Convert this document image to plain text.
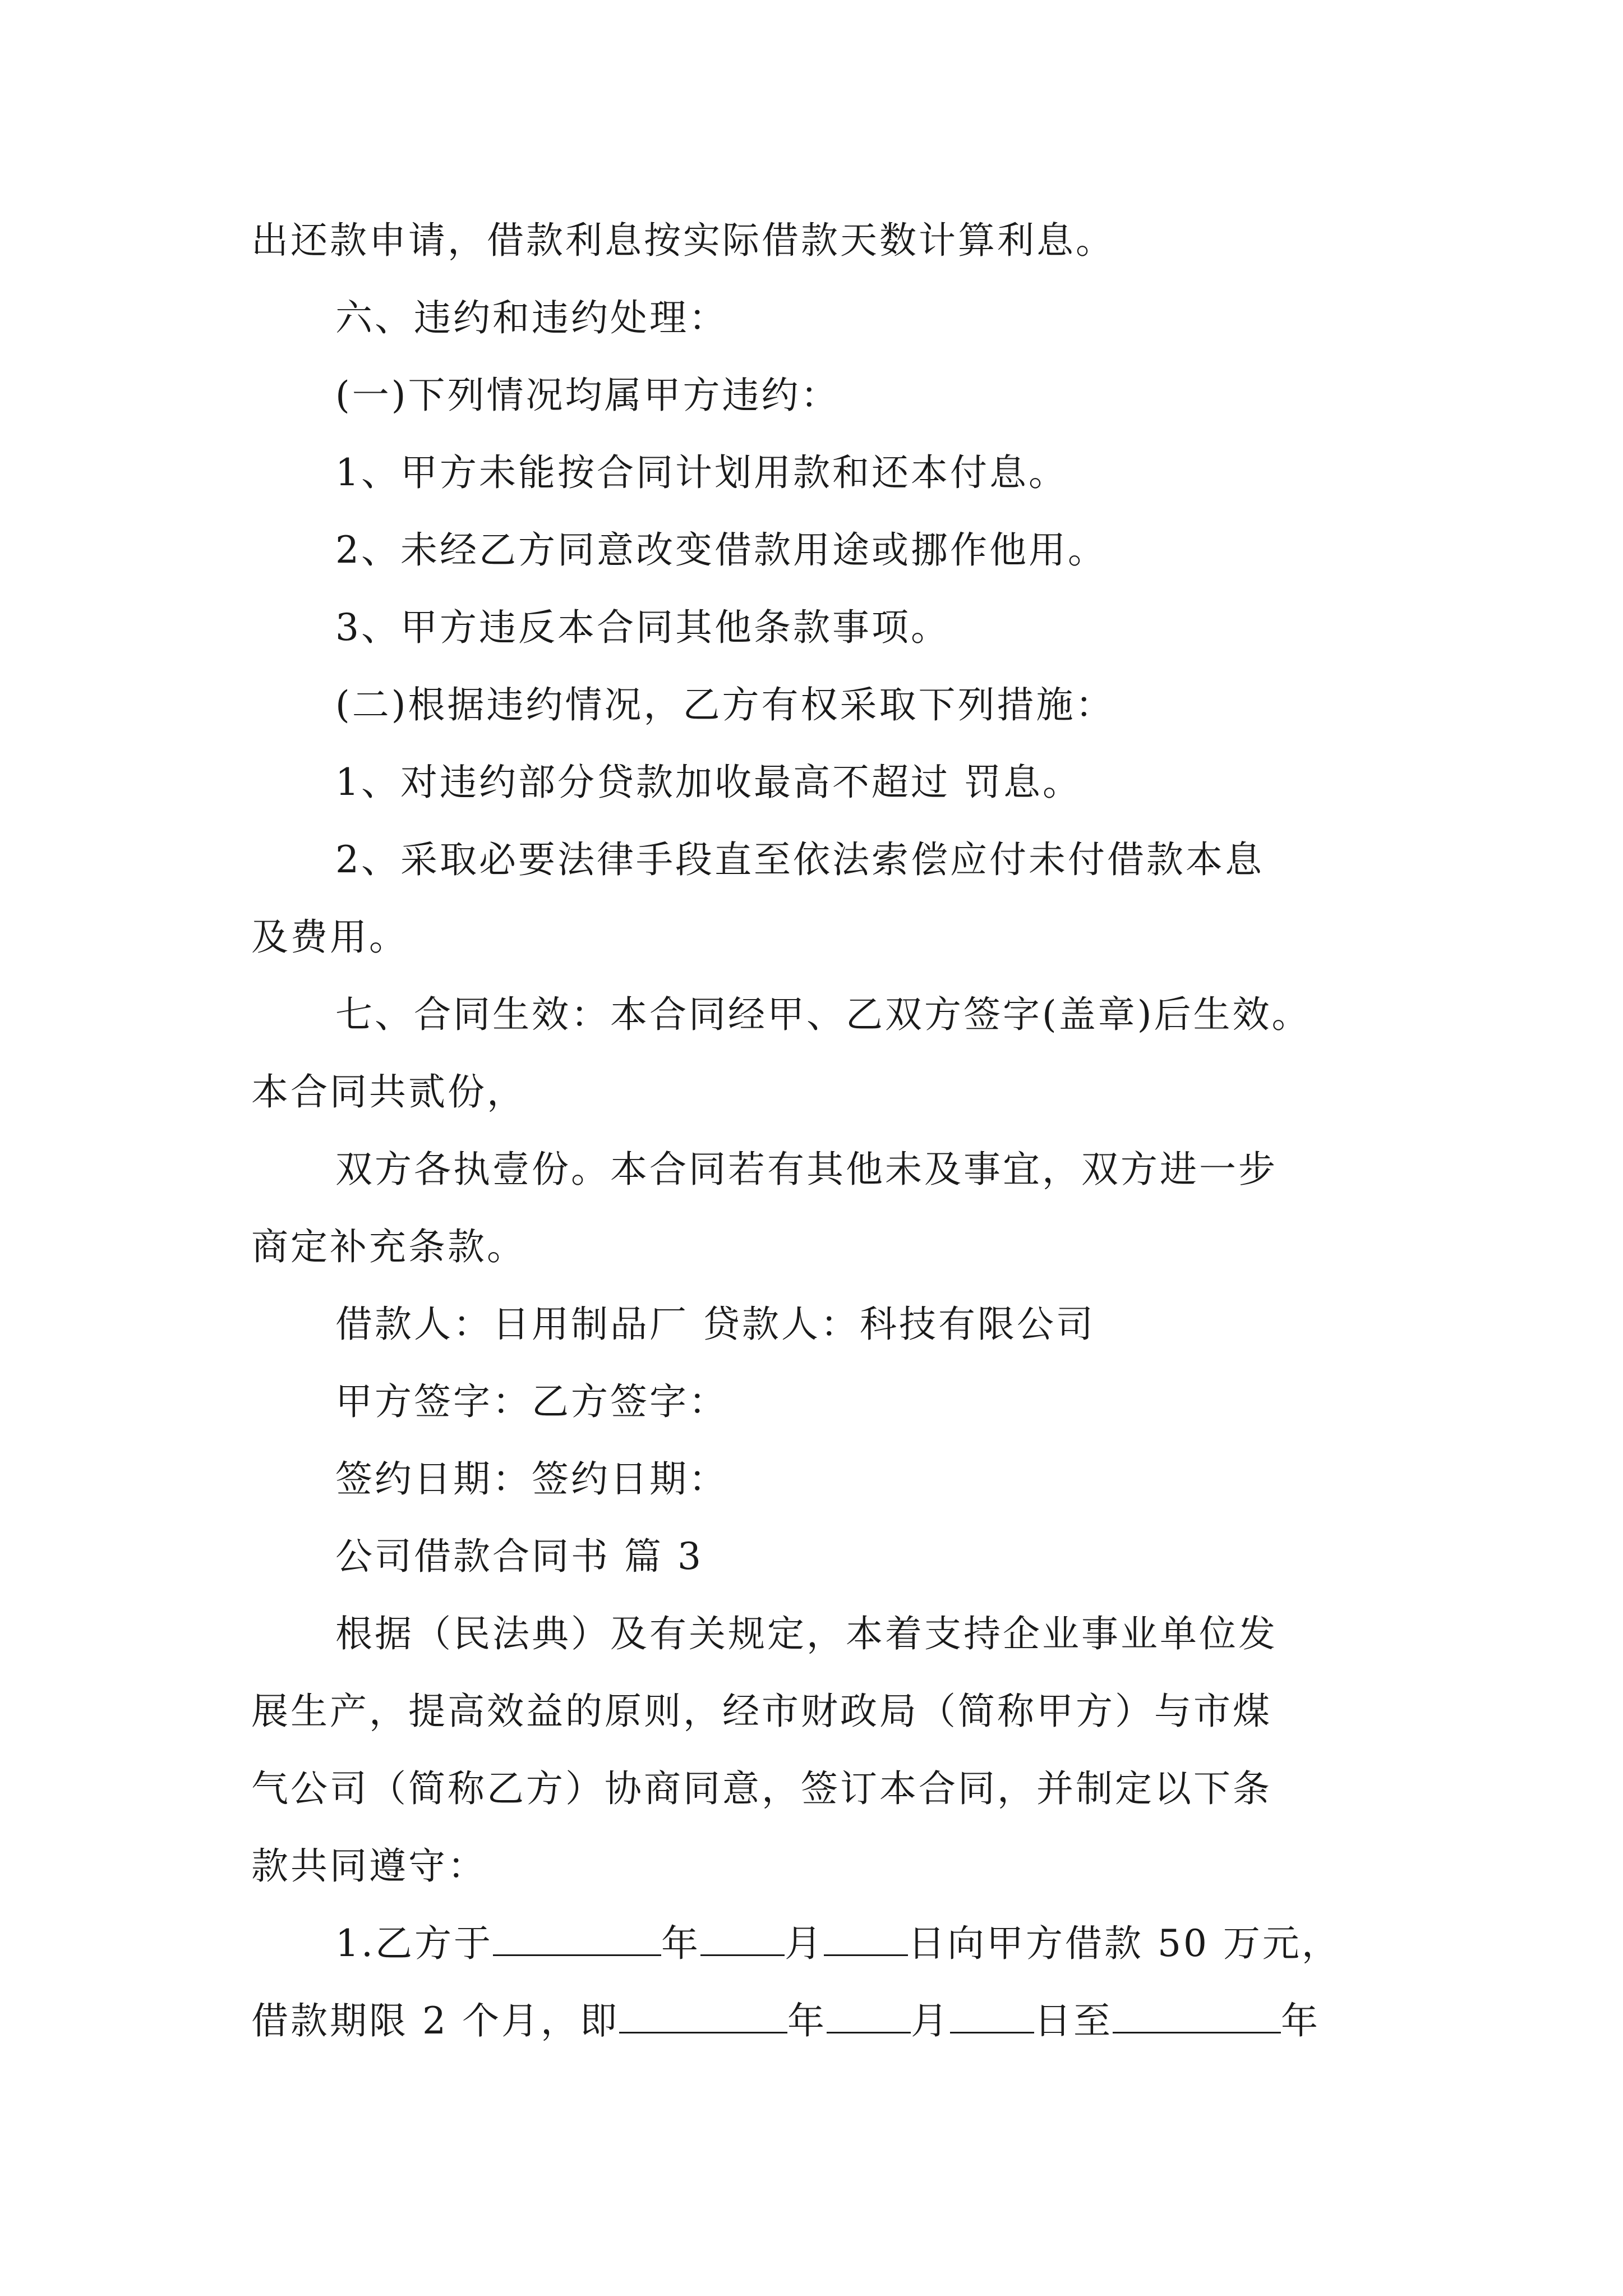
出还款申请，借款利息按实际借款天数计算利息。
六、违约和违约处理：
(一)下列情况均属甲方违约：
1、甲方未能按合同计划用款和还本付息。
2、未经乙方同意改变借款用途或挪作他用。
3、甲方违反本合同其他条款事项。
(二)根据违约情况，乙方有权采取下列措施：
1、对违约部分贷款加收最高不超过 罚息。
2、采取必要法律手段直至依法索偿应付未付借款本息
及费用。
七、合同生效：本合同经甲、乙双方签字(盖章)后生效。
本合同共贰份，
双方各执壹份。本合同若有其他未及事宜，双方进一步
商定补充条款。
借款人：日用制品厂 贷款人：科技有限公司
甲方签字：乙方签字：
签约日期：签约日期：
公司借款合同书 篇 3
根据（民法典）及有关规定，本着支持企业事业单位发
展生产，提高效益的原则，经市财政局（简称甲方）与市煤
气公司（简称乙方）协商同意，签订本合同，并制定以下条
款共同遵守：
1.乙方于	年 月 日向甲方借款 50 万元，
借款期限 2 个月，即	年 月 日至	年
